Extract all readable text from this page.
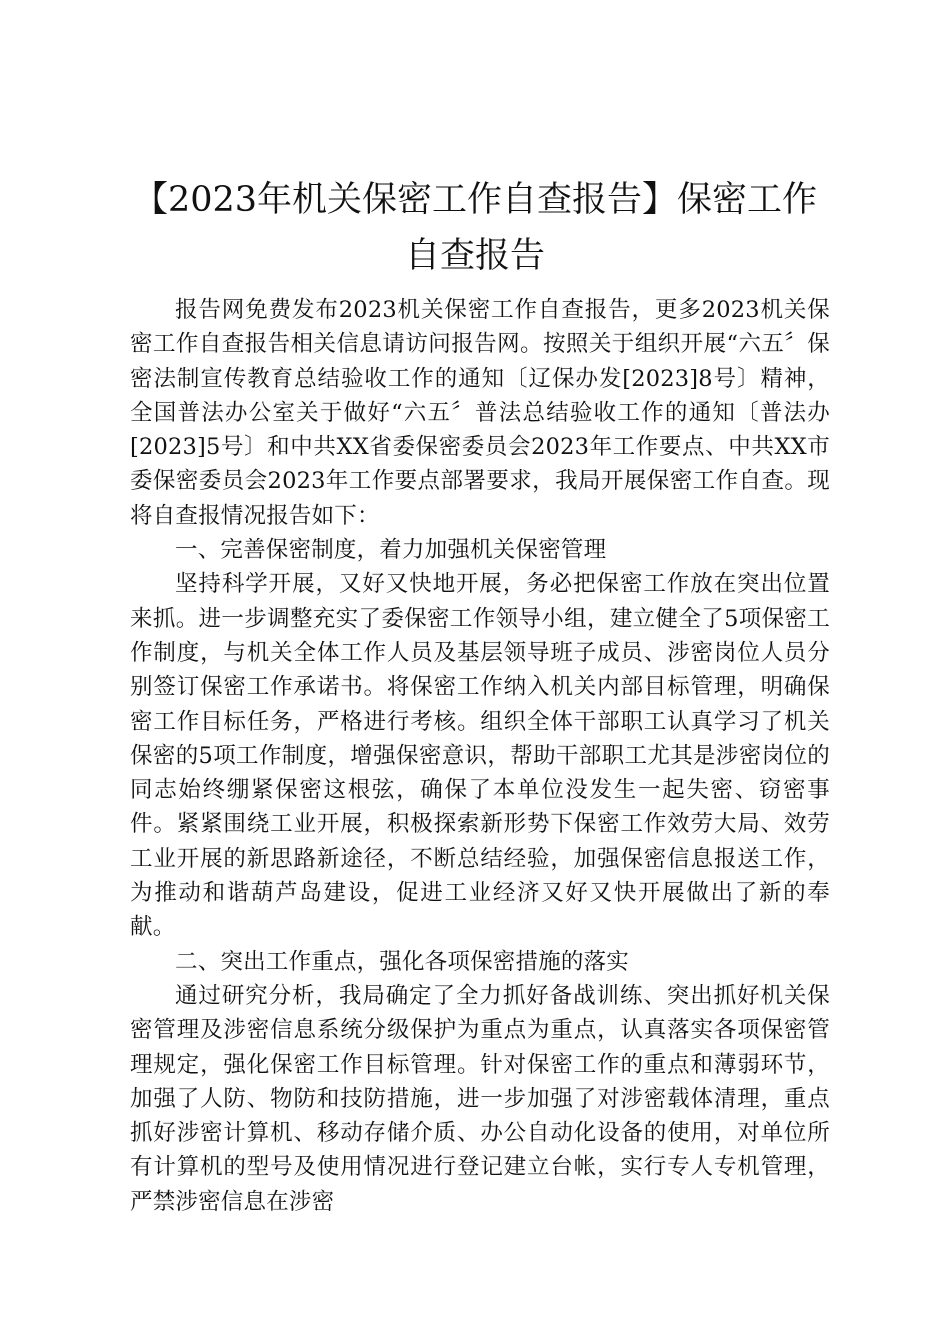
【2023年机关保密工作自查报告】保密工作自查报告

报告网免费发布2023机关保密工作自查报告，更多2023机关保密工作自查报告相关信息请访问报告网。按照关于组织开展“六五〞保密法制宣传教育总结验收工作的通知〔辽保办发[2023]8号〕精神，全国普法办公室关于做好“六五〞普法总结验收工作的通知〔普法办[2023]5号〕和中共XX省委保密委员会2023年工作要点、中共XX市委保密委员会2023年工作要点部署要求，我局开展保密工作自查。现将自查报情况报告如下：

一、完善保密制度，着力加强机关保密管理

坚持科学开展，又好又快地开展，务必把保密工作放在突出位置来抓。进一步调整充实了委保密工作领导小组，建立健全了5项保密工作制度，与机关全体工作人员及基层领导班子成员、涉密岗位人员分别签订保密工作承诺书。将保密工作纳入机关内部目标管理，明确保密工作目标任务，严格进行考核。组织全体干部职工认真学习了机关保密的5项工作制度，增强保密意识，帮助干部职工尤其是涉密岗位的同志始终绷紧保密这根弦，确保了本单位没发生一起失密、窃密事件。紧紧围绕工业开展，积极探索新形势下保密工作效劳大局、效劳工业开展的新思路新途径，不断总结经验，加强保密信息报送工作，为推动和谐葫芦岛建设，促进工业经济又好又快开展做出了新的奉献。

二、突出工作重点，强化各项保密措施的落实

通过研究分析，我局确定了全力抓好备战训练、突出抓好机关保密管理及涉密信息系统分级保护为重点为重点，认真落实各项保密管理规定，强化保密工作目标管理。针对保密工作的重点和薄弱环节，加强了人防、物防和技防措施，进一步加强了对涉密载体清理，重点抓好涉密计算机、移动存储介质、办公自动化设备的使用，对单位所有计算机的型号及使用情况进行登记建立台帐，实行专人专机管理，严禁涉密信息在涉密
